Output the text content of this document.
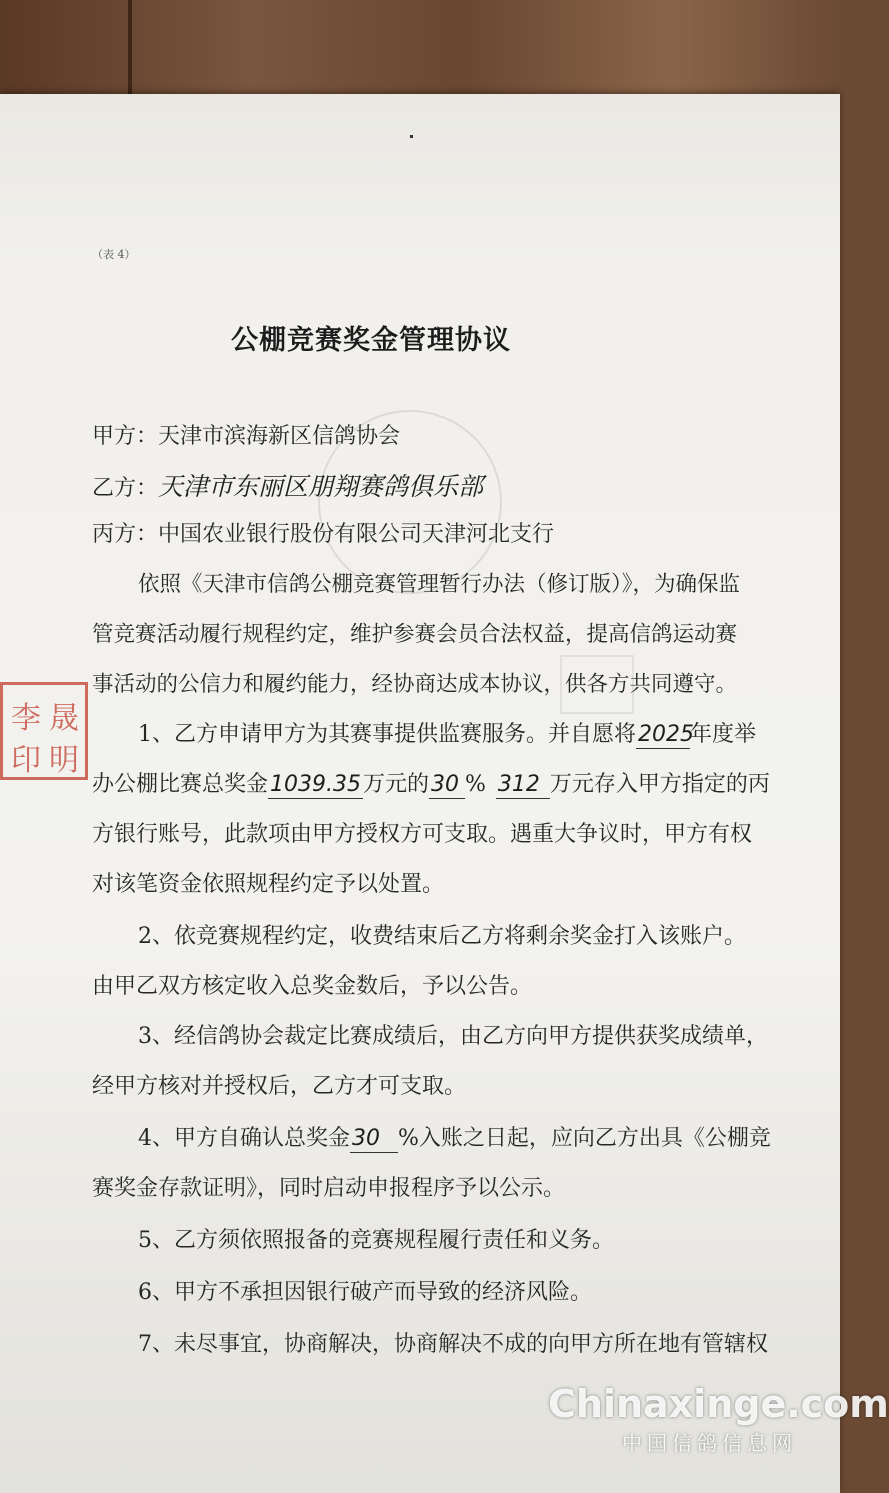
（表 4）
公棚竞赛奖金管理协议
甲方：天津市滨海新区信鸽协会
乙方：天津市东丽区朋翔赛鸽俱乐部
丙方：中国农业银行股份有限公司天津河北支行
依照《天津市信鸽公棚竞赛管理暂行办法（修订版）》，为确保监
管竞赛活动履行规程约定，维护参赛会员合法权益，提高信鸽运动赛
事活动的公信力和履约能力，经协商达成本协议，供各方共同遵守。
晟
明
李
印
1、乙方申请甲方为其赛事提供监赛服务。并自愿将2025年度举
办公棚比赛总奖金1039.35万元的30 % 312 万元存入甲方指定的丙
方银行账号，此款项由甲方授权方可支取。遇重大争议时，甲方有权
对该笔资金依照规程约定予以处置。
2、依竞赛规程约定，收费结束后乙方将剩余奖金打入该账户。
由甲乙双方核定收入总奖金数后，予以公告。
3、经信鸽协会裁定比赛成绩后，由乙方向甲方提供获奖成绩单，
经甲方核对并授权后，乙方才可支取。
4、甲方自确认总奖金30 %入账之日起，应向乙方出具《公棚竞
赛奖金存款证明》，同时启动申报程序予以公示。
5、乙方须依照报备的竞赛规程履行责任和义务。
6、甲方不承担因银行破产而导致的经济风险。
7、未尽事宜，协商解决，协商解决不成的向甲方所在地有管辖权
Chinaxinge.com
中国信鸽信息网
